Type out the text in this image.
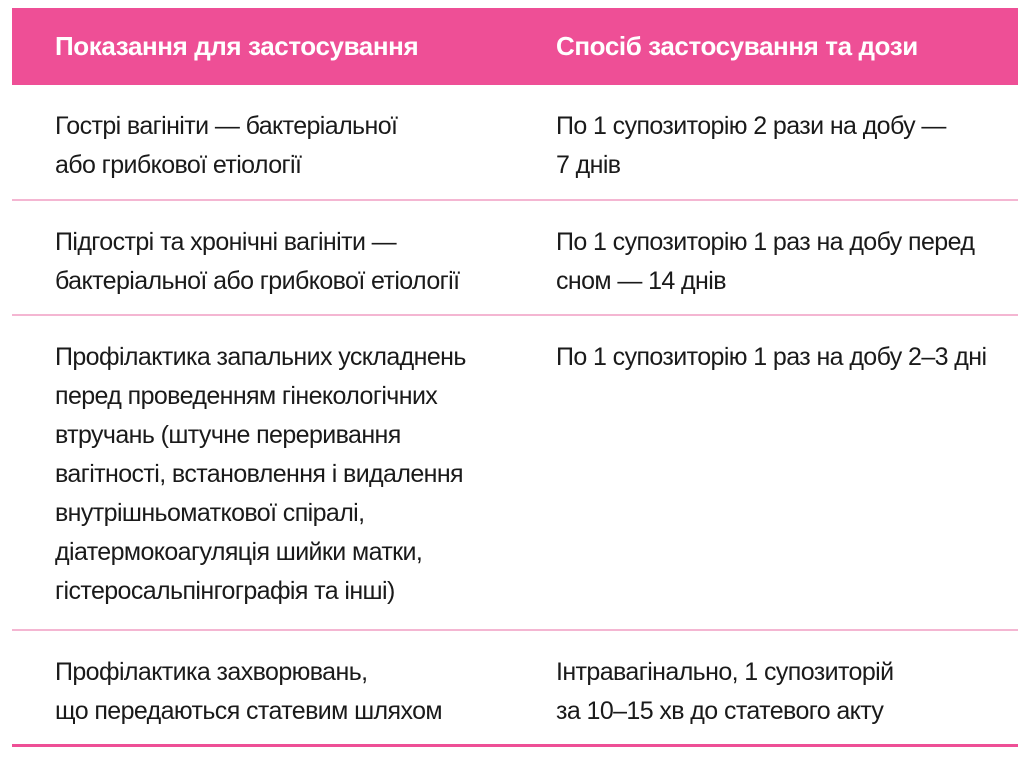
Показання для застосування	Спосіб застосування та дози
Гострі вагініти — бактеріальної
або грибкової етіології
По 1 супозиторію 2 рази на добу —
7 днів
Підгострі та хронічні вагініти —
бактеріальної або грибкової етіології
По 1 супозиторію 1 раз на добу перед
сном — 14 днів
Профілактика запальних ускладнень
перед проведенням гінекологічних
втручань (штучне переривання
вагітності, встановлення і видалення
внутрішньоматкової спіралі,
діатермокоагуляція шийки матки,
гістеросальпінгографія та інші)
По 1 супозиторію 1 раз на добу 2–3 дні
Профілактика захворювань,
що передаються статевим шляхом
Інтравагінально, 1 супозиторій
за 10–15 хв до статевого акту
